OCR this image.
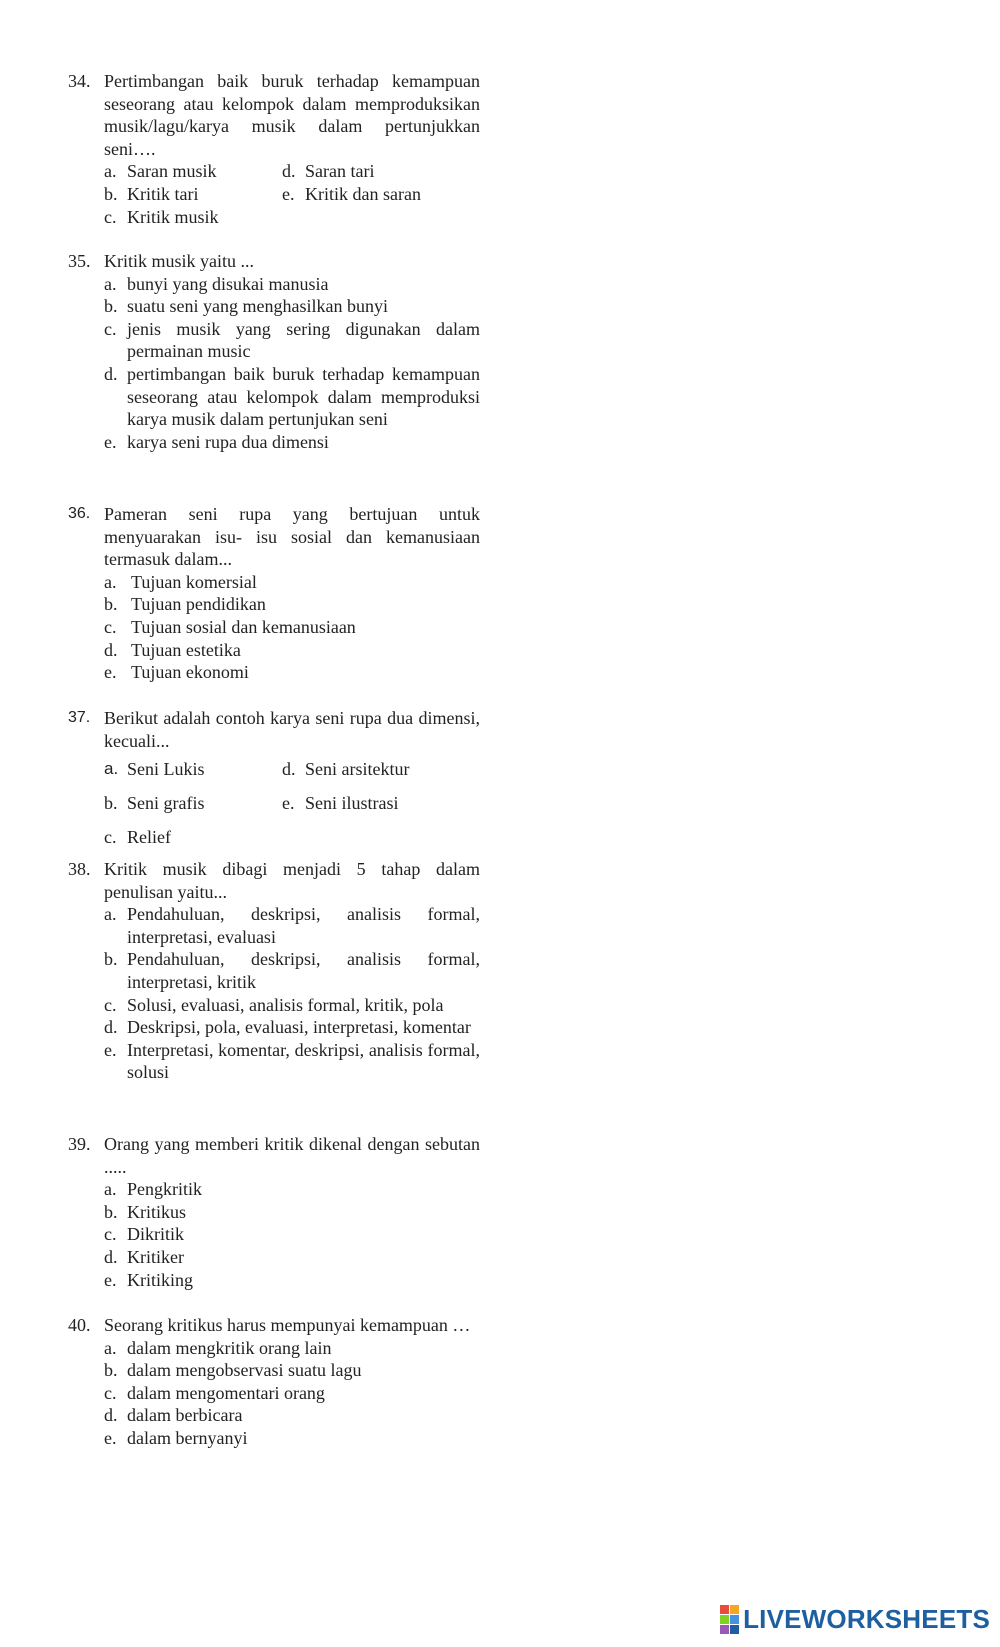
34. Pertimbangan baik buruk terhadap kemampuan seseorang atau kelompok dalam memproduksikan musik/lagu/karya musik dalam pertunjukkan seni….
a. Saran musik	d. Saran tari
b. Kritik tari	e. Kritik dan saran
c. Kritik musik
35. Kritik musik yaitu ...
a. bunyi yang disukai manusia
b. suatu seni yang menghasilkan bunyi
c. jenis musik yang sering digunakan dalam permainan music
d. pertimbangan baik buruk terhadap kemampuan seseorang atau kelompok dalam memproduksi karya musik dalam pertunjukan seni
e. karya seni rupa dua dimensi
36. Pameran seni rupa yang bertujuan untuk menyuarakan isu- isu sosial dan kemanusiaan termasuk dalam...
a. Tujuan komersial
b. Tujuan pendidikan
c. Tujuan sosial dan kemanusiaan
d. Tujuan estetika
e. Tujuan ekonomi
37. Berikut adalah contoh karya seni rupa dua dimensi, kecuali...
a. Seni Lukis	d. Seni arsitektur
b. Seni grafis	e. Seni ilustrasi
c. Relief
38. Kritik musik dibagi menjadi 5 tahap dalam penulisan yaitu...
a. Pendahuluan, deskripsi, analisis formal, interpretasi, evaluasi
b. Pendahuluan, deskripsi, analisis formal, interpretasi, kritik
c. Solusi, evaluasi, analisis formal, kritik, pola
d. Deskripsi, pola, evaluasi, interpretasi, komentar
e. Interpretasi, komentar, deskripsi, analisis formal, solusi
39. Orang yang memberi kritik dikenal dengan sebutan .....
a. Pengkritik
b. Kritikus
c. Dikritik
d. Kritiker
e. Kritiking
40. Seorang kritikus harus mempunyai kemampuan …
a. dalam mengkritik orang lain
b. dalam mengobservasi suatu lagu
c. dalam mengomentari orang
d. dalam berbicara
e. dalam bernyanyi
LIVEWORKSHEETS
